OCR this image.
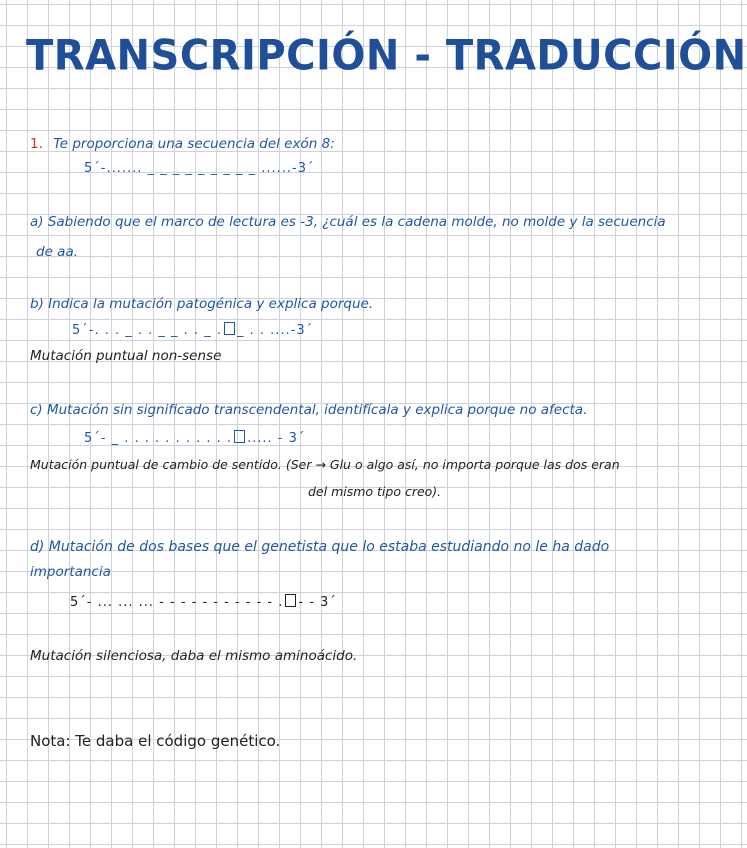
TRANSCRIPCIÓN - TRADUCCIÓN
1. Te proporciona una secuencia del exón 8:
5´-....... _ _ _ _ _ _ _ _ _ ......-3´
a) Sabiendo que el marco de lectura es -3, ¿cuál es la cadena molde, no molde y la secuencia
de aa.
b) Indica la mutación patogénica y explica porque.
5´-. . . _ . . _ _ . . _ . _ . . ....-3´
Mutación puntual non-sense
c) Mutación sin significado transcendental, identifícala y explica porque no afecta.
5´- _ . . . . . . . . . . . ..... - 3´
Mutación puntual de cambio de sentido. (Ser → Glu o algo así, no importa porque las dos eran
del mismo tipo creo).
d) Mutación de dos bases que el genetista que lo estaba estudiando no le ha dado
importancia
5´- ... ... ... - - - - - - - - - - - . - - 3´
Mutación silenciosa, daba el mismo aminoácido.
Nota: Te daba el código genético.
